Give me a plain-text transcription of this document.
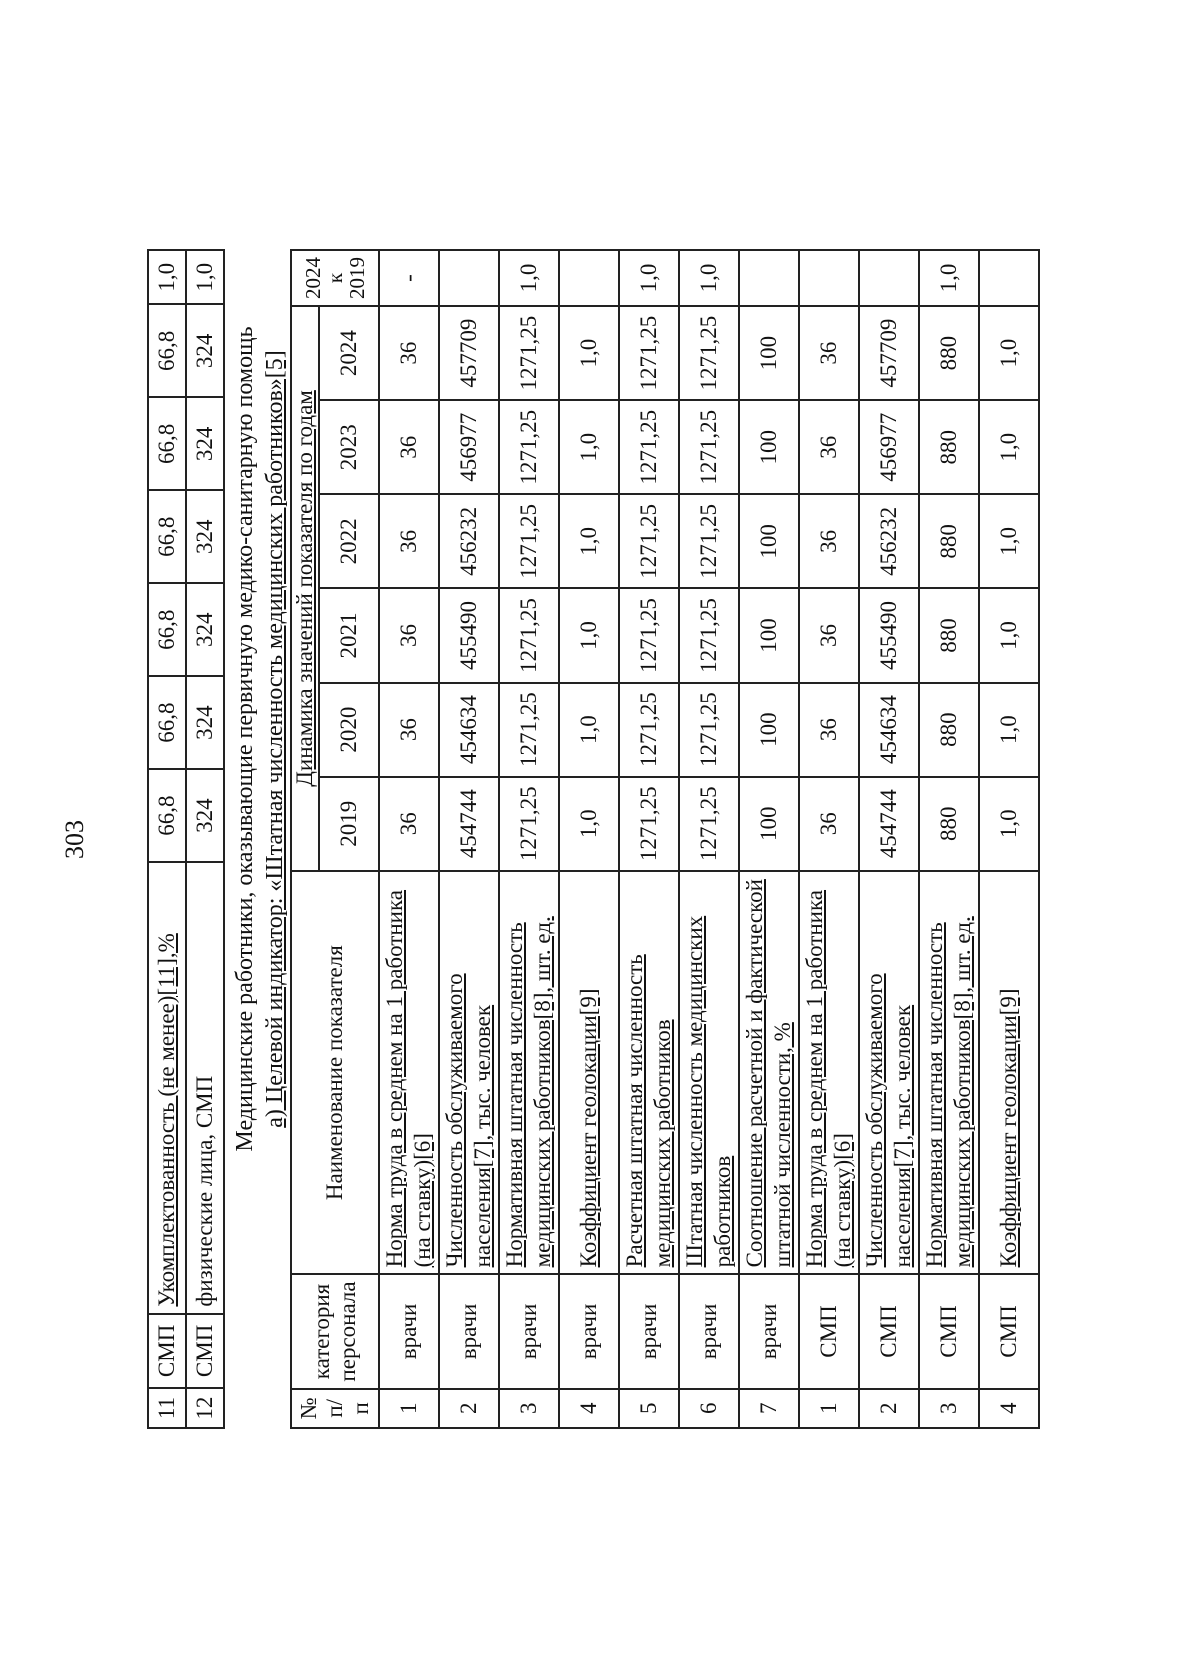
303
11	СМП	Укомплектованность (не менее)[11],%	66,8	66,8	66,8	66,8	66,8	66,8	1,0
12	СМП	физические лица, СМП	324	324	324	324	324	324	1,0
Медицинские работники, оказывающие первичную медико-санитарную помощь а) Целевой индикатор: «Штатная численность медицинских работников»[5]
№ п/п	категория персонала	Наименование показателя	Динамика значений показателя по годам						2024 к 2019
			2019	2020	2021	2022	2023	2024	
1	врачи	Норма труда в среднем на 1 работника (на ставку)[6]	36	36	36	36	36	36	-
2	врачи	Численность обслуживаемого населения[7], тыс. человек	454744	454634	455490	456232	456977	457709	
3	врачи	Нормативная штатная численность медицинских работников[8], шт. ед.	1271,25	1271,25	1271,25	1271,25	1271,25	1271,25	1,0
4	врачи	Коэффициент геолокации[9]	1,0	1,0	1,0	1,0	1,0	1,0	
5	врачи	Расчетная штатная численность медицинских работников	1271,25	1271,25	1271,25	1271,25	1271,25	1271,25	1,0
6	врачи	Штатная численность медицинских работников	1271,25	1271,25	1271,25	1271,25	1271,25	1271,25	1,0
7	врачи	Соотношение расчетной и фактической штатной численности, %	100	100	100	100	100	100	
1	СМП	Норма труда в среднем на 1 работника (на ставку)[6]	36	36	36	36	36	36	
2	СМП	Численность обслуживаемого населения[7], тыс. человек	454744	454634	455490	456232	456977	457709	
3	СМП	Нормативная штатная численность медицинских работников[8], шт. ед.	880	880	880	880	880	880	1,0
4	СМП	Коэффициент геолокации[9]	1,0	1,0	1,0	1,0	1,0	1,0	
